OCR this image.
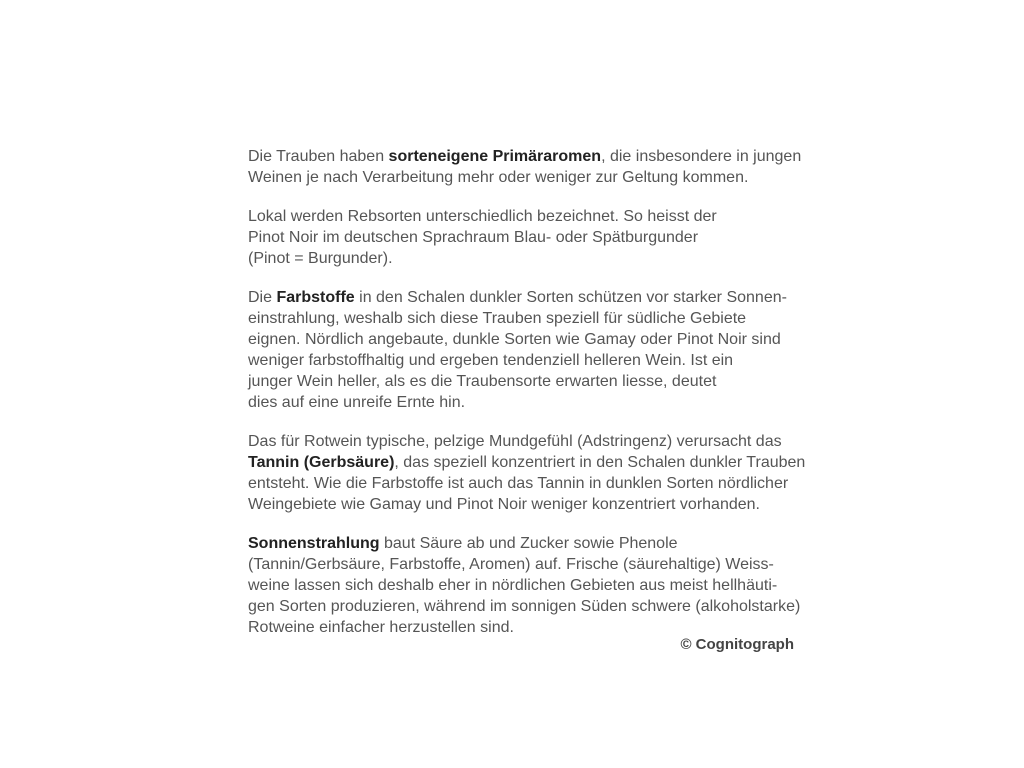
Die Trauben haben sorteneigene Primäraromen, die insbesondere in jungen
Weinen je nach Verarbeitung mehr oder weniger zur Geltung kommen.

Lokal werden Rebsorten unterschiedlich bezeichnet. So heisst der
Pinot Noir im deutschen Sprachraum Blau- oder Spätburgunder
(Pinot = Burgunder).

Die Farbstoffe in den Schalen dunkler Sorten schützen vor starker Sonnen-
einstrahlung, weshalb sich diese Trauben speziell für südliche Gebiete
eignen. Nördlich angebaute, dunkle Sorten wie Gamay oder Pinot Noir sind
weniger farbstoffhaltig und ergeben tendenziell helleren Wein. Ist ein
junger Wein heller, als es die Traubensorte erwarten liesse, deutet
dies auf eine unreife Ernte hin.

Das für Rotwein typische, pelzige Mundgefühl (Adstringenz) verursacht das
Tannin (Gerbsäure), das speziell konzentriert in den Schalen dunkler Trauben
entsteht. Wie die Farbstoffe ist auch das Tannin in dunklen Sorten nördlicher
Weingebiete wie Gamay und Pinot Noir weniger konzentriert vorhanden.

Sonnenstrahlung baut Säure ab und Zucker sowie Phenole
(Tannin/Gerbsäure, Farbstoffe, Aromen) auf. Frische (säurehaltige) Weiss-
weine lassen sich deshalb eher in nördlichen Gebieten aus meist hellhäuti-
gen Sorten produzieren, während im sonnigen Süden schwere (alkoholstarke)
Rotweine einfacher herzustellen sind.

© Cognitograph
